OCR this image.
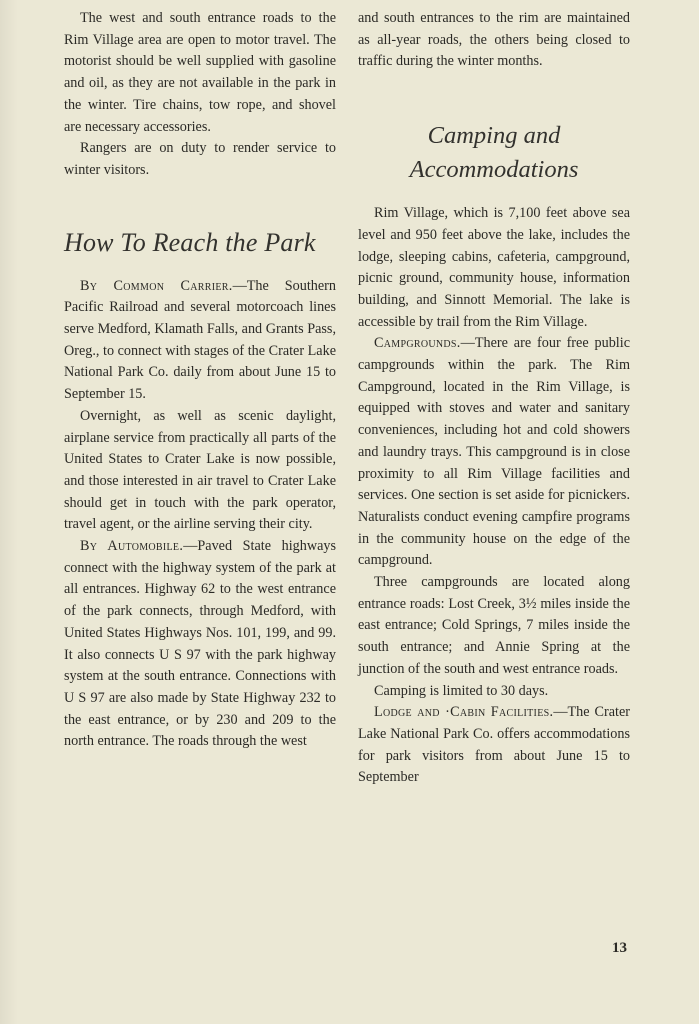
The west and south entrance roads to the Rim Village area are open to motor travel. The motorist should be well supplied with gasoline and oil, as they are not available in the park in the winter. Tire chains, tow rope, and shovel are necessary accessories.

Rangers are on duty to render service to winter visitors.

How To Reach the Park

By Common Carrier.—The Southern Pacific Railroad and several motorcoach lines serve Medford, Klamath Falls, and Grants Pass, Oreg., to connect with stages of the Crater Lake National Park Co. daily from about June 15 to September 15.

Overnight, as well as scenic daylight, airplane service from practically all parts of the United States to Crater Lake is now possible, and those interested in air travel to Crater Lake should get in touch with the park operator, travel agent, or the airline serving their city.

By Automobile.—Paved State highways connect with the highway system of the park at all entrances. Highway 62 to the west entrance of the park connects, through Medford, with United States Highways Nos. 101, 199, and 99. It also connects U S 97 with the park highway system at the south entrance. Connections with U S 97 are also made by State Highway 232 to the east entrance, or by 230 and 209 to the north entrance. The roads through the west

and south entrances to the rim are maintained as all-year roads, the others being closed to traffic during the winter months.

Camping and
Accommodations

Rim Village, which is 7,100 feet above sea level and 950 feet above the lake, includes the lodge, sleeping cabins, cafeteria, campground, picnic ground, community house, information building, and Sinnott Memorial. The lake is accessible by trail from the Rim Village.

Campgrounds.—There are four free public campgrounds within the park. The Rim Campground, located in the Rim Village, is equipped with stoves and water and sanitary conveniences, including hot and cold showers and laundry trays. This campground is in close proximity to all Rim Village facilities and services. One section is set aside for picnickers. Naturalists conduct evening campfire programs in the community house on the edge of the campground.

Three campgrounds are located along entrance roads: Lost Creek, 3½ miles inside the east entrance; Cold Springs, 7 miles inside the south entrance; and Annie Spring at the junction of the south and west entrance roads.

Camping is limited to 30 days.

Lodge and ·Cabin Facilities.—The Crater Lake National Park Co. offers accommodations for park visitors from about June 15 to September

13
